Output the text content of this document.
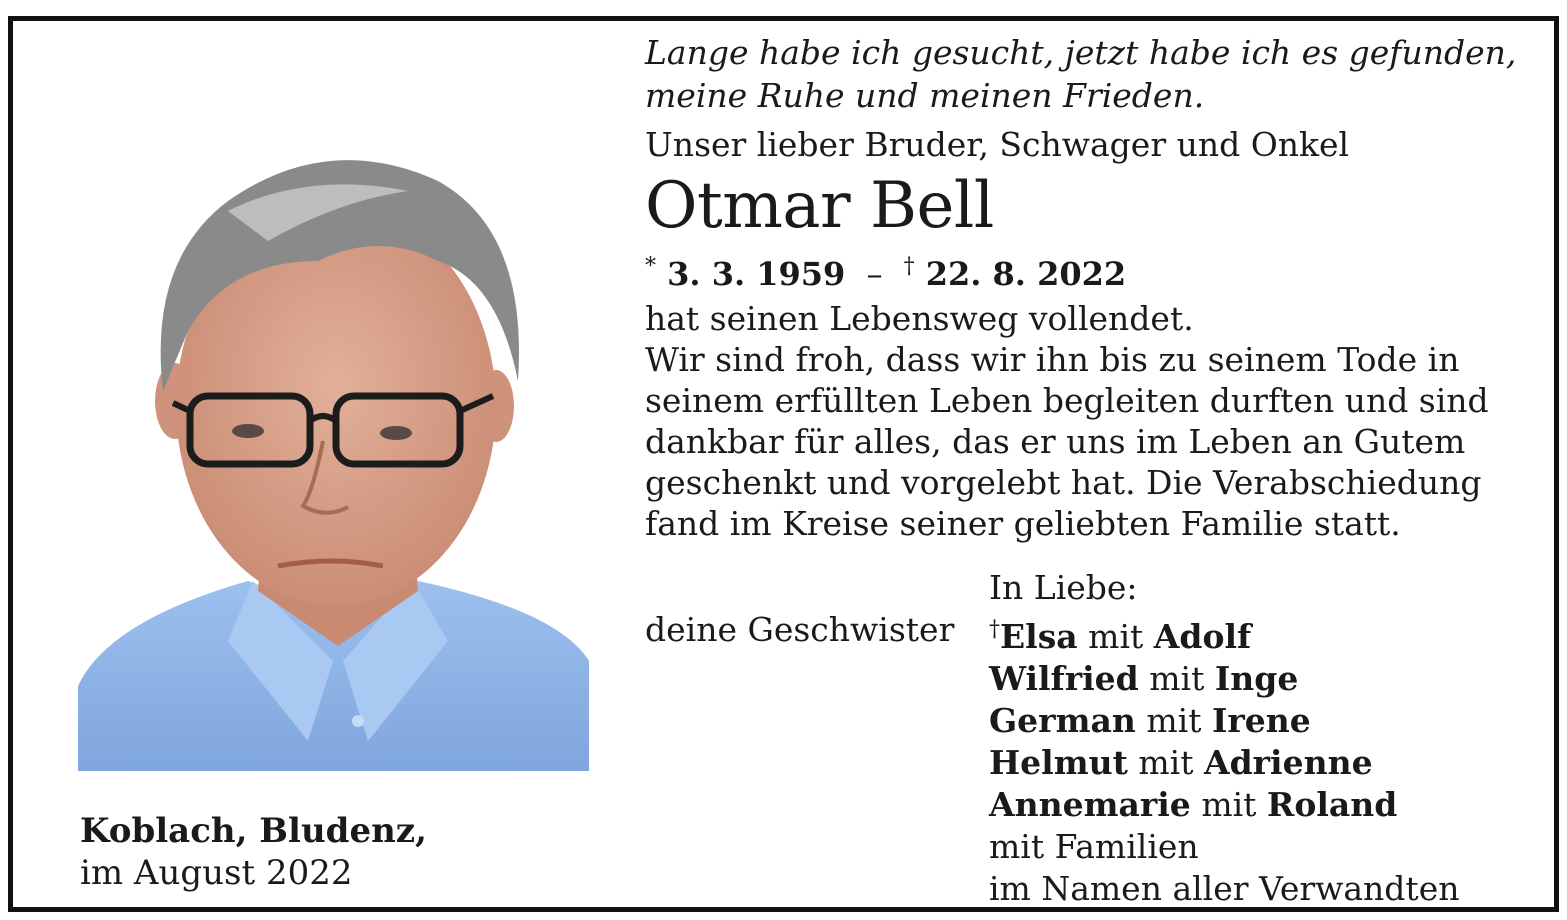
Koblach, Bludenz,
im August 2022

Lange habe ich gesucht, jetzt habe ich es gefunden,
meine Ruhe und meinen Frieden.

Unser lieber Bruder, Schwager und Onkel
Otmar Bell
* 3. 3. 1959 – † 22. 8. 2022
hat seinen Lebensweg vollendet.
Wir sind froh, dass wir ihn bis zu seinem Tode in
seinem erfüllten Leben begleiten durften und sind
dankbar für alles, das er uns im Leben an Gutem
geschenkt und vorgelebt hat. Die Verabschiedung
fand im Kreise seiner geliebten Familie statt.
In Liebe:
deine Geschwister †Elsa mit Adolf
Wilfried mit Inge
German mit Irene
Helmut mit Adrienne
Annemarie mit Roland
mit Familien
im Namen aller Verwandten
